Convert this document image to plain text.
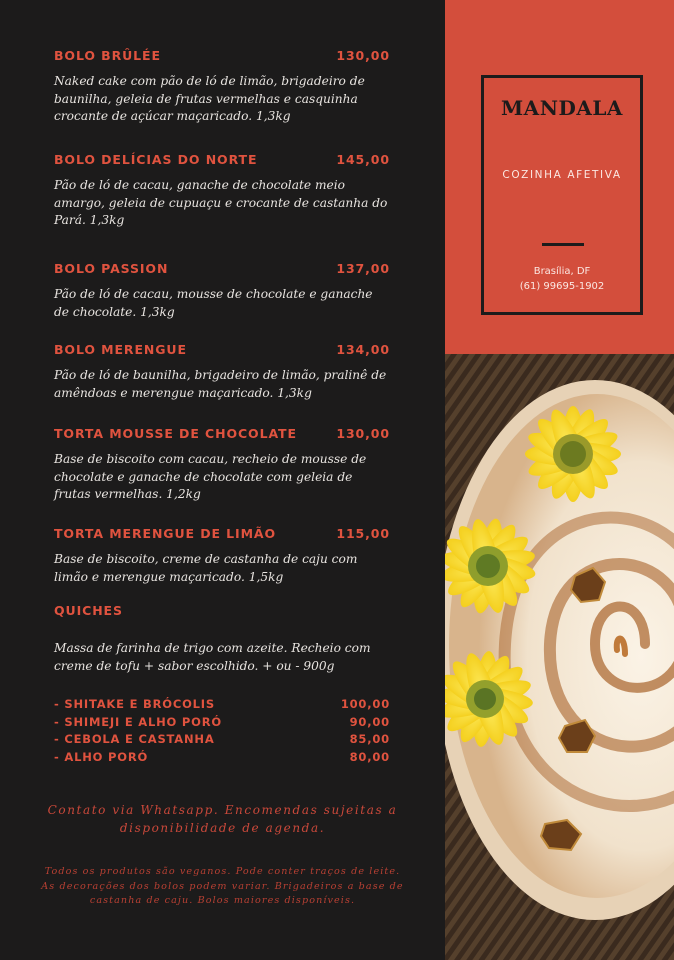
BOLO BRÛLÉE	130,00
Naked cake com pão de ló de limão, brigadeiro de baunilha, geleia de frutas vermelhas e casquinha crocante de açúcar maçaricado. 1,3kg
BOLO DELÍCIAS DO NORTE	145,00
Pão de ló de cacau, ganache de chocolate meio amargo, geleia de cupuaçu e crocante de castanha do Pará. 1,3kg
BOLO PASSION	137,00
Pão de ló de cacau, mousse de chocolate e ganache de chocolate. 1,3kg
BOLO MERENGUE	134,00
Pão de ló de baunilha, brigadeiro de limão, pralinê de amêndoas e merengue maçaricado. 1,3kg
TORTA MOUSSE DE CHOCOLATE	130,00
Base de biscoito com cacau, recheio de mousse de chocolate e ganache de chocolate com geleia de frutas vermelhas. 1,2kg
TORTA MERENGUE DE LIMÃO	115,00
Base de biscoito, creme de castanha de caju com limão e merengue maçaricado. 1,5kg
QUICHES
Massa de farinha de trigo com azeite. Recheio com creme de tofu + sabor escolhido. + ou - 900g
- SHITAKE E BRÓCOLIS	100,00
- SHIMEJI E ALHO PORÓ	90,00
- CEBOLA E CASTANHA	85,00
- ALHO PORÓ	80,00
Contato via Whatsapp. Encomendas sujeitas a disponibilidade de agenda.
Todos os produtos são veganos. Pode conter traços de leite. As decorações dos bolos podem variar. Brigadeiros a base de castanha de caju. Bolos maiores disponíveis.
MANDALA
COZINHA AFETIVA
Brasília, DF
(61) 99695-1902
